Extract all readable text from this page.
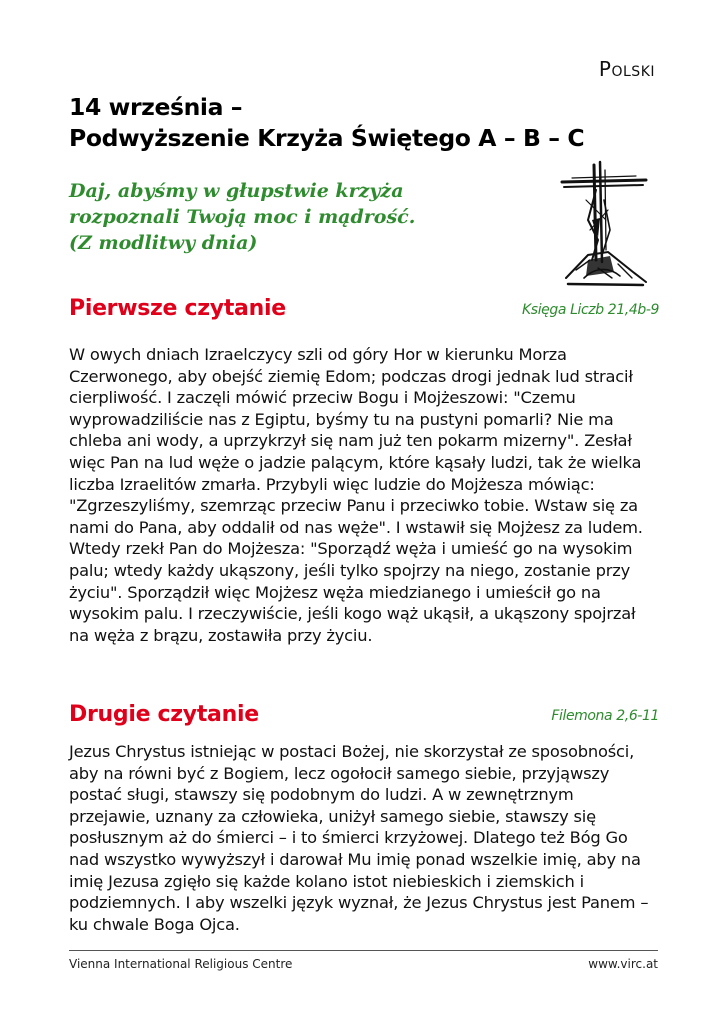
Polski
14 września –
Podwyższenie Krzyża Świętego A – B – C
Daj, abyśmy w głupstwie krzyża
rozpoznali Twoją moc i mądrość.
(Z modlitwy dnia)
Pierwsze czytanie	Księga Liczb 21,4b-9
W owych dniach Izraelczycy szli od góry Hor w kierunku Morza Czerwonego, aby obejść ziemię Edom; podczas drogi jednak lud stracił cierpliwość. I zaczęli mówić przeciw Bogu i Mojżeszowi: "Czemu wyprowadziliście nas z Egiptu, byśmy tu na pustyni pomarli? Nie ma chleba ani wody, a uprzykrzył się nam już ten pokarm mizerny". Zesłał więc Pan na lud węże o jadzie palącym, które kąsały ludzi, tak że wielka liczba Izraelitów zmarła. Przybyli więc ludzie do Mojżesza mówiąc: "Zgrzeszyliśmy, szemrząc przeciw Panu i przeciwko tobie. Wstaw się za nami do Pana, aby oddalił od nas węże". I wstawił się Mojżesz za ludem. Wtedy rzekł Pan do Mojżesza: "Sporządź węża i umieść go na wysokim palu; wtedy każdy ukąszony, jeśli tylko spojrzy na niego, zostanie przy życiu". Sporządził więc Mojżesz węża miedzianego i umieścił go na wysokim palu. I rzeczywiście, jeśli kogo wąż ukąsił, a ukąszony spojrzał na węża z brązu, zostawiła przy życiu.
Drugie czytanie	Filemona 2,6-11
Jezus Chrystus istniejąc w postaci Bożej, nie skorzystał ze sposobności, aby na równi być z Bogiem, lecz ogołocił samego siebie, przyjąwszy postać sługi, stawszy się podobnym do ludzi. A w zewnętrznym przejawie, uznany za człowieka, uniżył samego siebie, stawszy się posłusznym aż do śmierci – i to śmierci krzyżowej. Dlatego też Bóg Go nad wszystko wywyższył i darował Mu imię ponad wszelkie imię, aby na imię Jezusa zgięło się każde kolano istot niebieskich i ziemskich i podziemnych. I aby wszelki język wyznał, że Jezus Chrystus jest Panem – ku chwale Boga Ojca.
Vienna International Religious Centre	www.virc.at
